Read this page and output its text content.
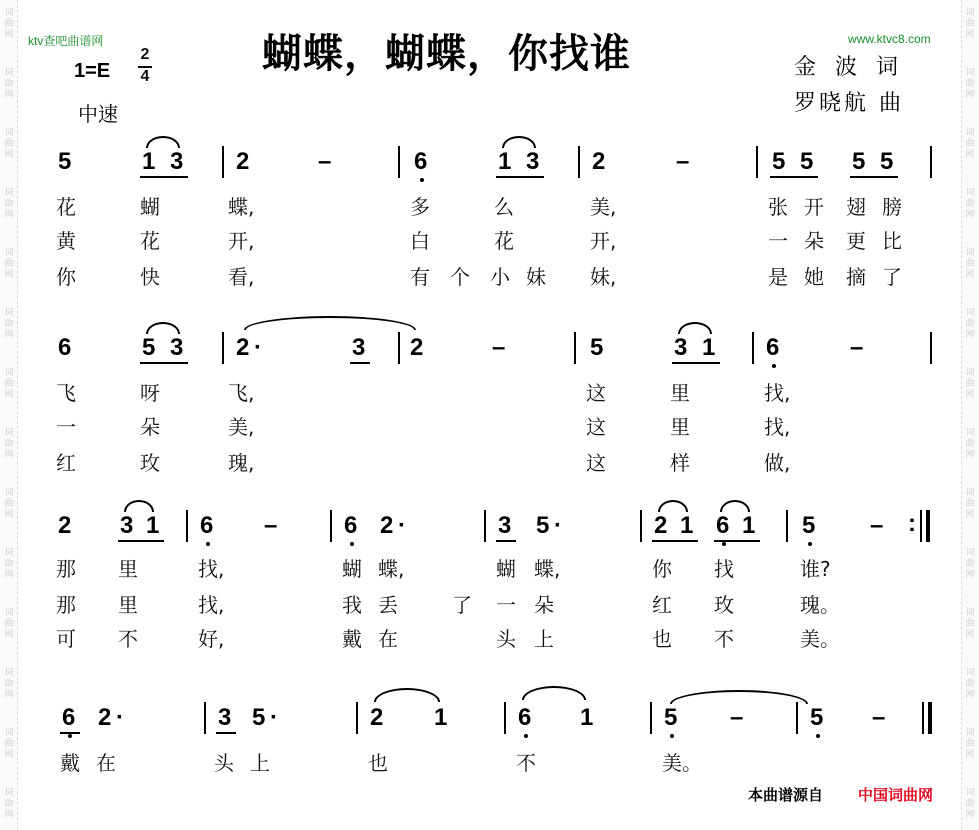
词
曲
网
词
曲
网
词
曲
网
词
曲
网
词
曲
网
词
曲
网
词
曲
网
词
曲
网
词
曲
网
词
曲
网
词
曲
网
词
曲
网
词
曲
网
词
曲
网
词
曲
网
词
曲
网
词
曲
网
词
曲
网
词
曲
网
词
曲
网
词
曲
网
词
曲
网
词
曲
网
词
曲
网
词
曲
网
词
曲
网
词
曲
网
词
曲
网
ktv查吧曲谱网	www.ktvc8.com
蝴蝶，蝴蝶，你找谁	金 波 词
罗晓航 曲
1=E
2
4
中速
5	1 3 2	–	6	1 3 2	–	5 5 5 5
花	蝴	蝶,	多	么	美,	张 开 翅 膀
黄	花	开,	白	花	开,	一 朵 更 比
你	快	看,	有 个 小 妹 妹,	是 她 摘 了
6	5 3 2 ·	3 2	–	5	3 1 6	–
飞	呀	飞,	这	里	找,
一	朵	美,	这	里	找,
红	玫	瑰,	这	样	做,
2 3 1 6 –	6 2 ·	3 5 ·	2 1 6 1 5 – :
那 里	找,	蝴 蝶,	蝴 蝶,	你 找	谁?
那 里	找,	我 丢	了 一 朵	红 玫	瑰。
可 不	好,	戴 在	头 上	也 不	美。
6 2 ·	3 5 ·	2 1	6 1	5 –	5 –
戴 在	头 上	也	不	美。
本曲谱源自 中国词曲网
